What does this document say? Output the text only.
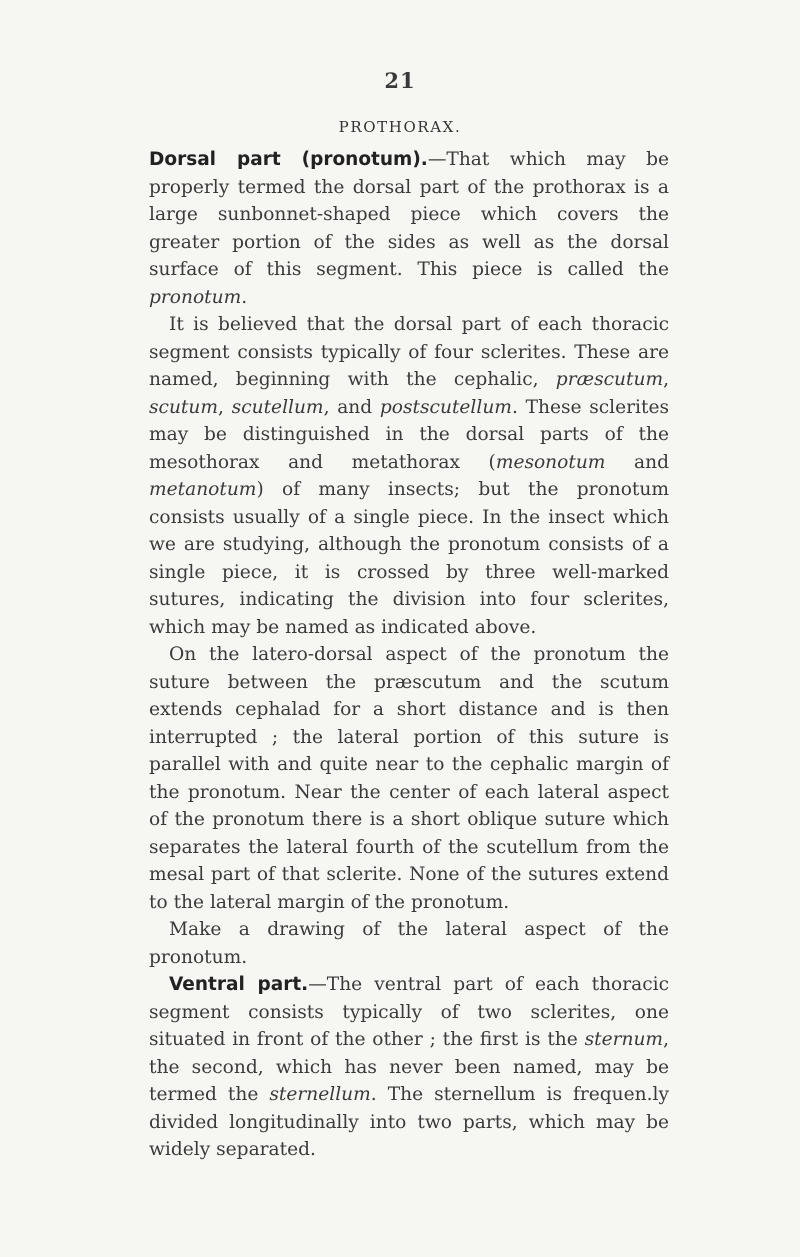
21
PROTHORAX.

Dorsal part (pronotum).—That which may be properly termed the dorsal part of the prothorax is a large sunbonnet-shaped piece which covers the greater portion of the sides as well as the dorsal surface of this segment. This piece is called the pronotum.

It is believed that the dorsal part of each thoracic segment consists typically of four sclerites. These are named, beginning with the cephalic, præscutum, scutum, scutellum, and postscutellum. These sclerites may be distinguished in the dorsal parts of the mesothorax and metathorax (mesonotum and metanotum) of many insects; but the pronotum consists usually of a single piece. In the insect which we are studying, although the pronotum consists of a single piece, it is crossed by three well-marked sutures, indicating the division into four sclerites, which may be named as indicated above.

On the latero-dorsal aspect of the pronotum the suture between the præscutum and the scutum extends cephalad for a short distance and is then interrupted ; the lateral portion of this suture is parallel with and quite near to the cephalic margin of the pronotum. Near the center of each lateral aspect of the pronotum there is a short oblique suture which separates the lateral fourth of the scutellum from the mesal part of that sclerite. None of the sutures extend to the lateral margin of the pronotum.

Make a drawing of the lateral aspect of the pronotum.

Ventral part.—The ventral part of each thoracic segment consists typically of two sclerites, one situated in front of the other ; the first is the sternum, the second, which has never been named, may be termed the sternellum. The sternellum is frequen.ly divided longitudinally into two parts, which may be widely separated.
